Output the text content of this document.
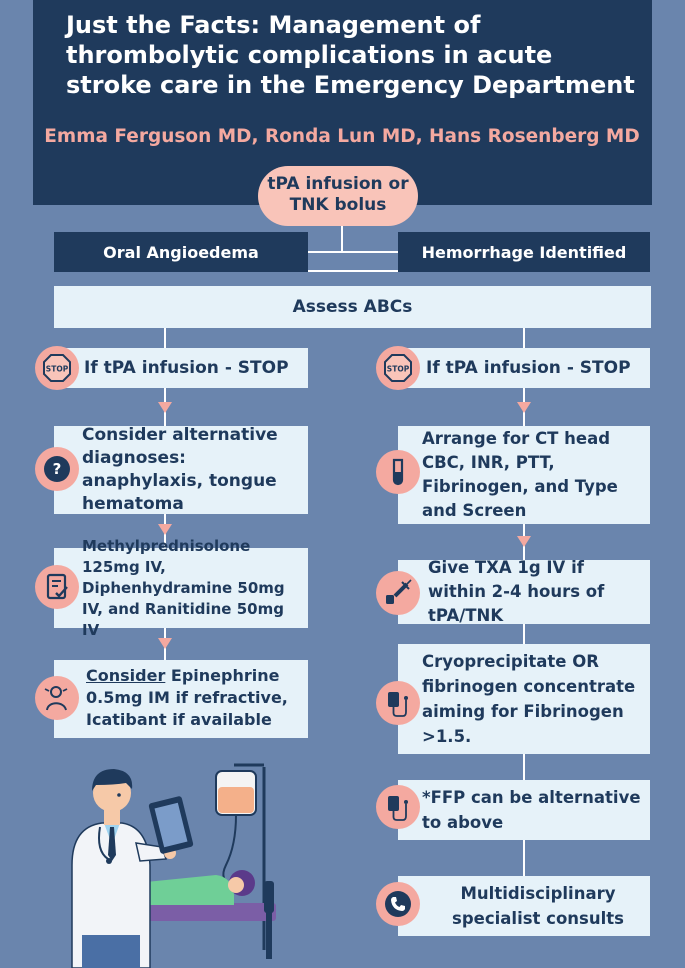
Just the Facts: Management of
thrombolytic complications in acute
stroke care in the Emergency Department
Emma Ferguson MD, Ronda Lun MD, Hans Rosenberg MD
tPA infusion or
TNK bolus
Oral Angioedema	Hemorrhage Identified
Assess ABCs
If tPA infusion - STOP
Consider alternative diagnoses: anaphylaxis, tongue hematoma
Methylprednisolone 125mg IV, Diphenhydramine 50mg IV, and Ranitidine 50mg IV
Consider Epinephrine 0.5mg IM if refractive, Icatibant if available
If tPA infusion - STOP
Arrange for CT head CBC, INR, PTT, Fibrinogen, and Type and Screen
Give TXA 1g IV if within 2-4 hours of tPA/TNK
Cryoprecipitate OR fibrinogen concentrate aiming for Fibrinogen >1.5.
*FFP can be alternative to above
Multidisciplinary specialist consults
STOP
?
STOP
